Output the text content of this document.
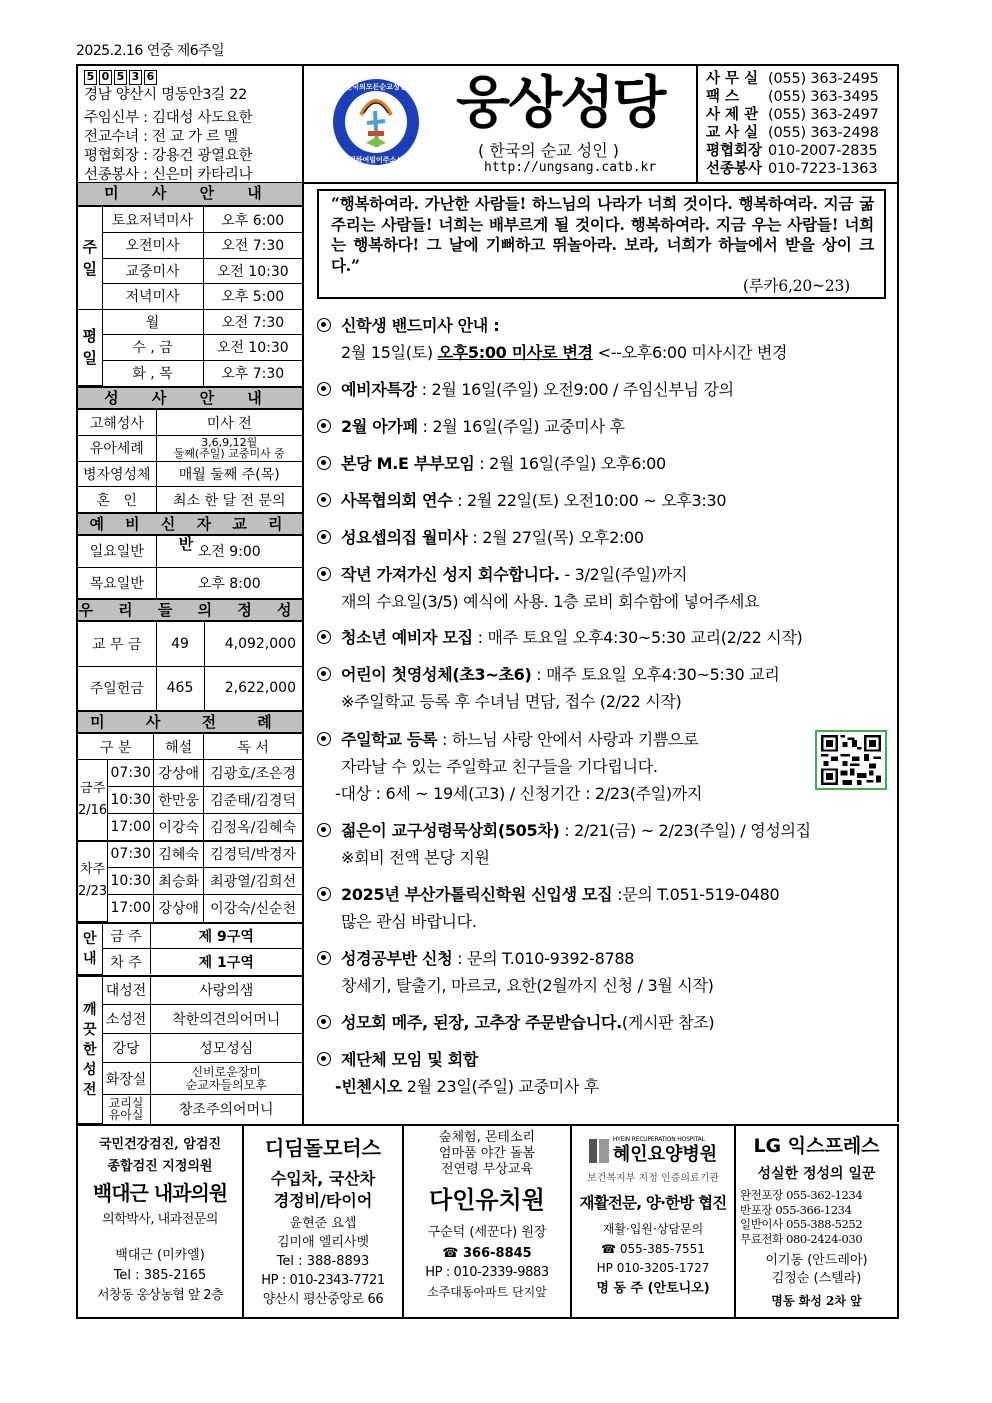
2025.2.16 연중 제6주일
5 0 5 3 6
경남 양산시 명동안3길 22
주임신부 : 김대성 사도요한
전교수녀 : 전 교 가 르 멜
평협회장 : 강용건 광열요한
선종봉사 : 신은미 카타리나
한국의모든순교성인
위하여빌어주소서
웅상성당
( 한국의 순교 성인 )
http://ungsang.catb.kr
사 무 실 (055) 363-2495
팩 스	(055) 363-3495
사 제 관 (055) 363-2497
교 사 실 (055) 363-2498
평협회장 010-2007-2835
선종봉사 010-7223-1363
미 사 안 내
주
일	토요저녁미사	오후 6:00
	오전미사	오전 7:30
	교중미사	오전 10:30
	저녁미사	오후 5:00
평
일	월	오전 7:30
	수 , 금	오전 10:30
	화 , 목	오후 7:30
성 사 안 내
고해성사	미사 전
유아세례	3,6,9,12월
둘째(주일) 교중미사 중

병자영성체	매월 둘째 주(목)
혼   인	최소 한 달 전 문의
예 비 신 자 교 리 반
일요일반	오전 9:00
목요일반	오후 8:00
우 리 들 의 정 성
교 무 금	49	4,092,000
주일헌금	465	2,622,000
미 사 전 례
구 분		해설	독 서

금주
2/16	07:30	강상애	김광호/조은경
	10:30	한만웅	김준태/김경덕
	17:00	이강숙	김정옥/김혜숙

차주
2/23	07:30	김혜숙	김경덕/박경자
	10:30	최승화	최광열/김희선
	17:00	강상애	이강숙/신순천
안
내	금 주	제 9구역
	차 주	제 1구역
깨
끗
한
성
전	대성전	사랑의샘
	소성전	착한의견의어머니
	강당	성모성심
	화장실	신비로운장미
순교자들의모후

	교리실
유아실	창조주의어머니
“행복하여라. 가난한 사람들! 하느님의 나라가 너희 것이다. 행복하여라. 지금 굶주리는 사람들! 너희는 배부르게 될 것이다. 행복하여라. 지금 우는 사람들! 너희는 행복하다! 그 날에 기뻐하고 뛰놀아라. 보라, 너희가 하늘에서 받을 상이 크다.”
(루카6,20~23)
신학생 밴드미사 안내 :
2월 15일(토) 오후5:00 미사로 변경 <--오후6:00 미사시간 변경
예비자특강 : 2월 16일(주일) 오전9:00 / 주임신부님 강의
2월 아가페 : 2월 16일(주일) 교중미사 후
본당 M.E 부부모임 : 2월 16일(주일) 오후6:00
사목협의회 연수 : 2월 22일(토) 오전10:00 ~ 오후3:30
성요셉의집 월미사 : 2월 27일(목) 오후2:00
작년 가져가신 성지 회수합니다. - 3/2일(주일)까지
재의 수요일(3/5) 예식에 사용. 1층 로비 회수함에 넣어주세요
청소년 예비자 모집 : 매주 토요일 오후4:30~5:30 교리(2/22 시작)
어린이 첫영성체(초3~초6) : 매주 토요일 오후4:30~5:30 교리
※주일학교 등록 후 수녀님 면담, 접수 (2/22 시작)
주일학교 등록 : 하느님 사랑 안에서 사랑과 기쁨으로
자라날 수 있는 주일학교 친구들을 기다립니다.
-대상 : 6세 ~ 19세(고3) / 신청기간 : 2/23(주일)까지
젊은이 교구성령묵상회(505차) : 2/21(금) ~ 2/23(주일) / 영성의집
※회비 전액 본당 지원
2025년 부산가톨릭신학원 신입생 모집 :문의 T.051-519-0480
많은 관심 바랍니다.
성경공부반 신청 : 문의 T.010-9392-8788
창세기, 탈출기, 마르코, 요한(2월까지 신청 / 3월 시작)
성모회 메주, 된장, 고추장 주문받습니다.(게시판 참조)
제단체 모임 및 회합
-빈첸시오 2월 23일(주일) 교중미사 후
국민건강검진, 암검진
종합검진 지정의원
백대근 내과의원
의학박사, 내과전문의
백대근 (미카엘)
Tel : 385-2165
서창동 웅상농협 앞 2층
디딤돌모터스
수입차, 국산차
경정비/타이어
윤현준 요셉
김미애 엘리사벳
Tel : 388-8893
HP : 010-2343-7721
양산시 평산중앙로 66
숲체험, 몬테소리
엄마품 야간 돌봄
전연령 무상교육
다인유치원
구순덕 (세꾼다) 원장
☎ 366-8845
HP : 010-2339-9883
소주대동아파트 단지앞
HYEIN RECUPERATION HOSPITAL
혜인요양병원
보건복지부 지정 인증의료기관
재활전문, 양·한방 협진
재활·입원·상담문의
☎ 055-385-7551
HP 010-3205-1727
명 동 주 (안토니오)
LG 익스프레스
성실한 정성의 일꾼
완전포장 055-362-1234
반포장 055-366-1234
일반이사 055-388-5252
무료전화 080-2424-030
이기동 (안드레아)
김정순 (스텔라)
명동 화성 2차 앞
